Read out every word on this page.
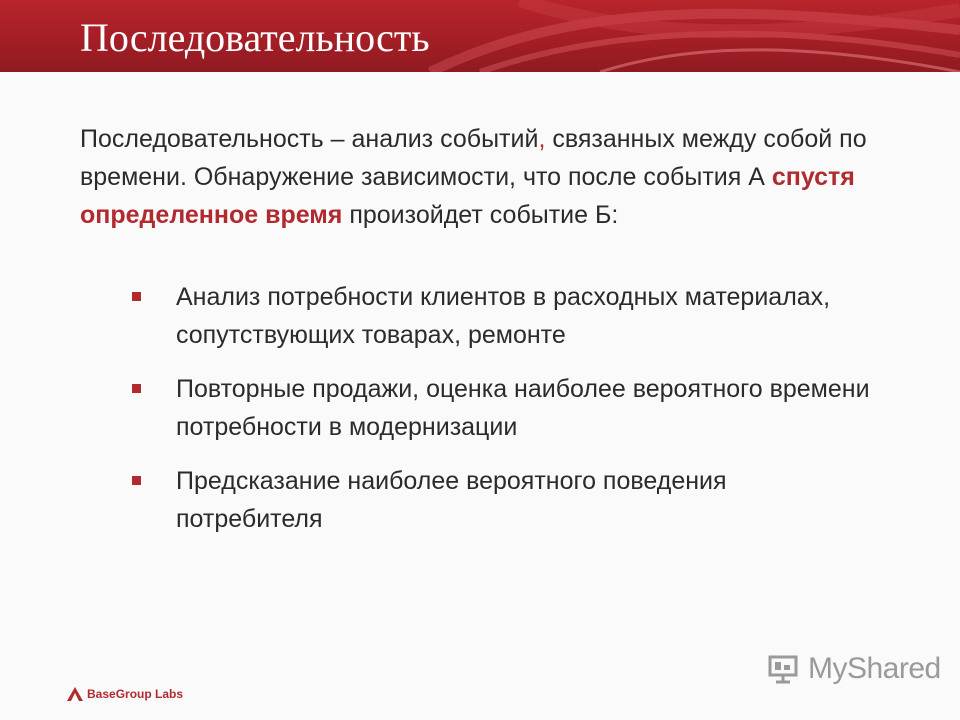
Последовательность
Последовательность – анализ событий, связанных между собой по времени. Обнаружение зависимости, что после события А спустя определенное время произойдет событие Б:
Анализ потребности клиентов в расходных материалах, сопутствующих товарах, ремонте
Повторные продажи, оценка наиболее вероятного времени потребности в модернизации
Предсказание наиболее вероятного поведения потребителя
BaseGroup Labs
MyShared
